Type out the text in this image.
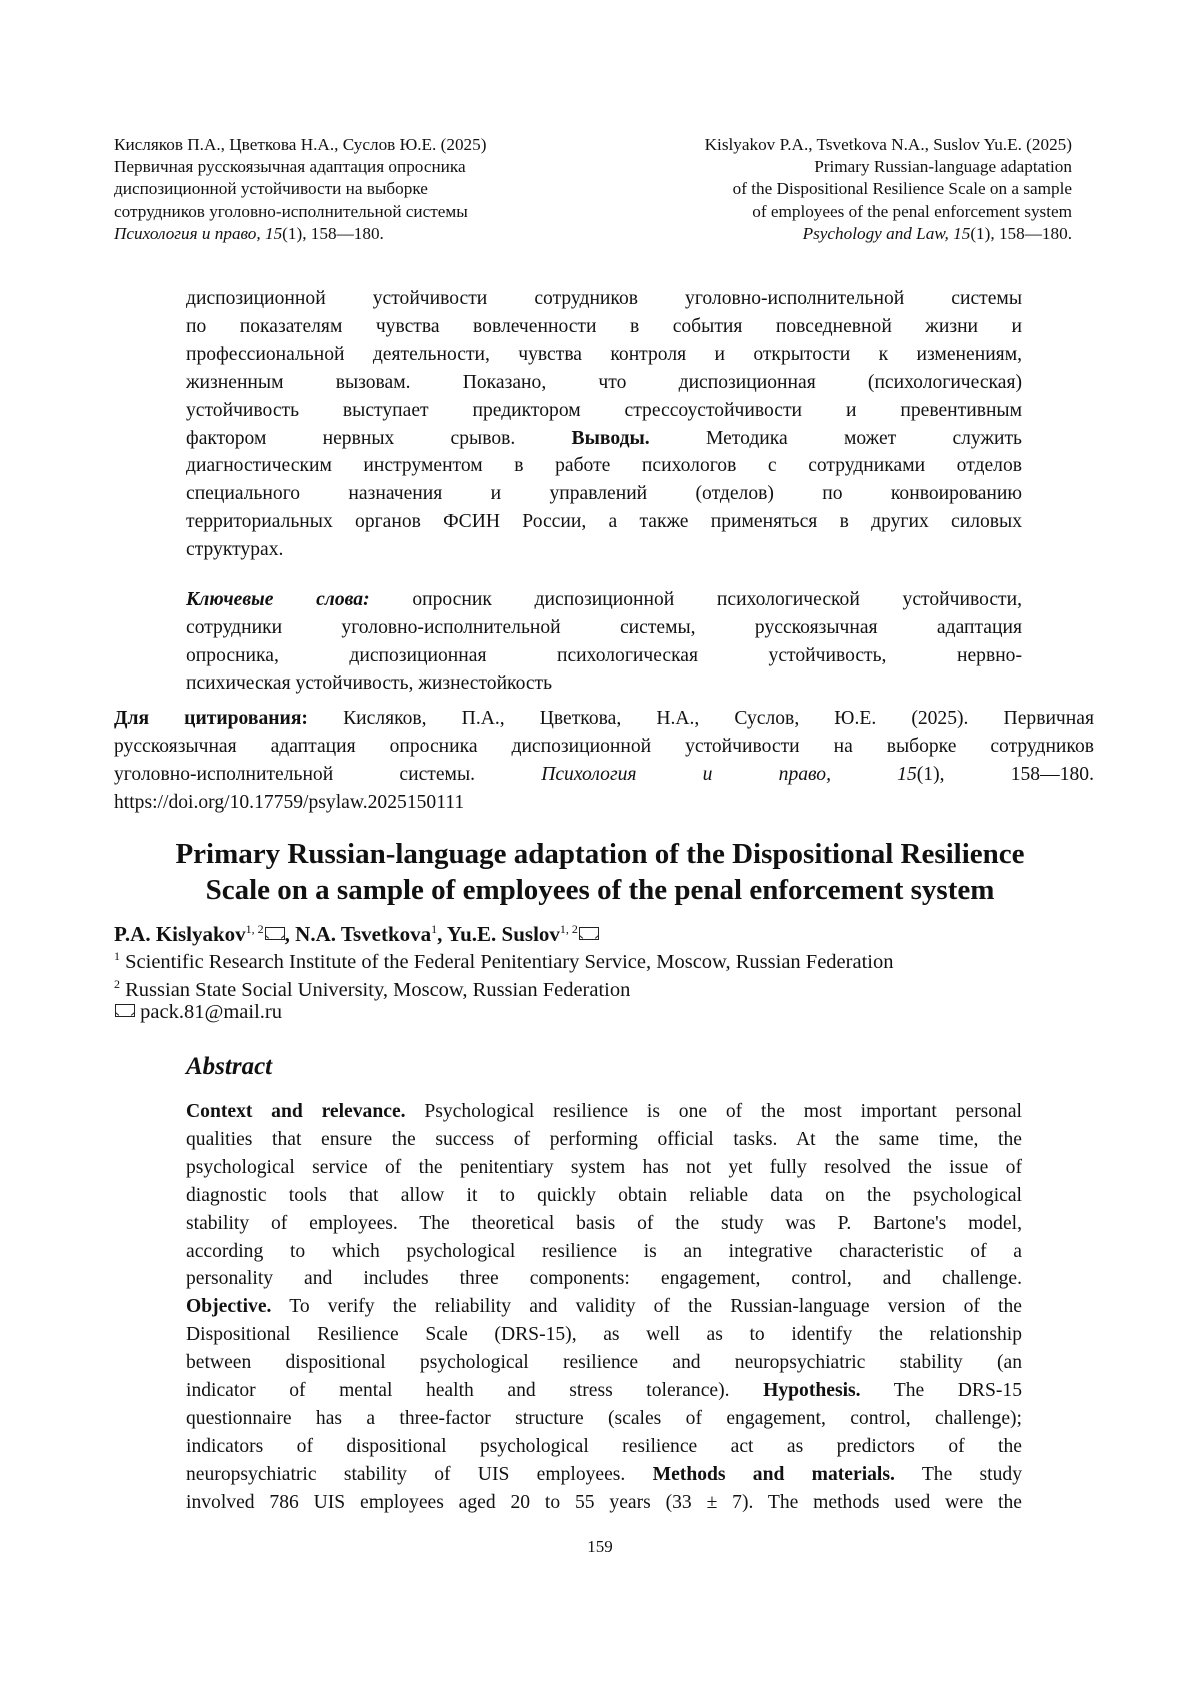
Кисляков П.А., Цветкова Н.А., Суслов Ю.Е. (2025)
Первичная русскоязычная адаптация опросника
диспозиционной устойчивости на выборке
сотрудников уголовно-исполнительной системы
Психология и право, 15(1), 158—180.
Kislyakov P.A., Tsvetkova N.A., Suslov Yu.E. (2025)
Primary Russian-language adaptation
of the Dispositional Resilience Scale on a sample
of employees of the penal enforcement system
Psychology and Law, 15(1), 158—180.
диспозиционной устойчивости сотрудников уголовно-исполнительной системы
по показателям чувства вовлеченности в события повседневной жизни и
профессиональной деятельности, чувства контроля и открытости к изменениям,
жизненным вызовам. Показано, что диспозиционная (психологическая)
устойчивость выступает предиктором стрессоустойчивости и превентивным
фактором нервных срывов.	Выводы.	Методика может служить
диагностическим инструментом в работе психологов с сотрудниками отделов
специального назначения и управлений (отделов) по конвоированию
территориальных органов ФСИН России, а также применяться в других силовых
структурах.
Ключевые слова: опросник диспозиционной психологической устойчивости,
сотрудники уголовно-исполнительной системы, русскоязычная адаптация
опросника, диспозиционная психологическая устойчивость, нервно-
психическая устойчивость, жизнестойкость
Для цитирования: Кисляков, П.А., Цветкова, Н.А., Суслов, Ю.Е. (2025). Первичная
русскоязычная адаптация опросника диспозиционной устойчивости на выборке сотрудников
уголовно-исполнительной системы.	Психология и право, 15(1), 158—180.
https://doi.org/10.17759/psylaw.2025150111
Primary Russian-language adaptation of the Dispositional Resilience
Scale on a sample of employees of the penal enforcement system
P.A. Kislyakov$^{1, 2}$ , N.A. Tsvetkova$^1$, Yu.E. Suslov$^{1, 2}$
$^1$ Scientific Research Institute of the Federal Penitentiary Service, Moscow, Russian Federation
$^2$ Russian State Social University, Moscow, Russian Federation
pack.81@mail.ru
Abstract
Context and relevance. Psychological resilience is one of the most important personal
qualities that ensure the success of performing official tasks. At the same time, the
psychological service of the penitentiary system has not yet fully resolved the issue of
diagnostic tools that allow it to quickly obtain reliable data on the psychological
stability of employees. The theoretical basis of the study was P. Bartone's model,
according to which psychological resilience is an integrative characteristic of a
personality and includes three components: engagement, control, and challenge.
Objective. To verify the reliability and validity of the Russian-language version of the
Dispositional Resilience Scale (DRS-15), as well as to identify the relationship
between dispositional psychological resilience and neuropsychiatric stability (an
indicator of mental health and stress tolerance). Hypothesis. The DRS-15
questionnaire has a three-factor structure (scales of engagement, control, challenge);
indicators of dispositional psychological resilience act as predictors of the
neuropsychiatric stability of UIS employees. Methods and materials. The study
involved 786 UIS employees aged 20 to 55 years (33 ± 7). The methods used were the
159
